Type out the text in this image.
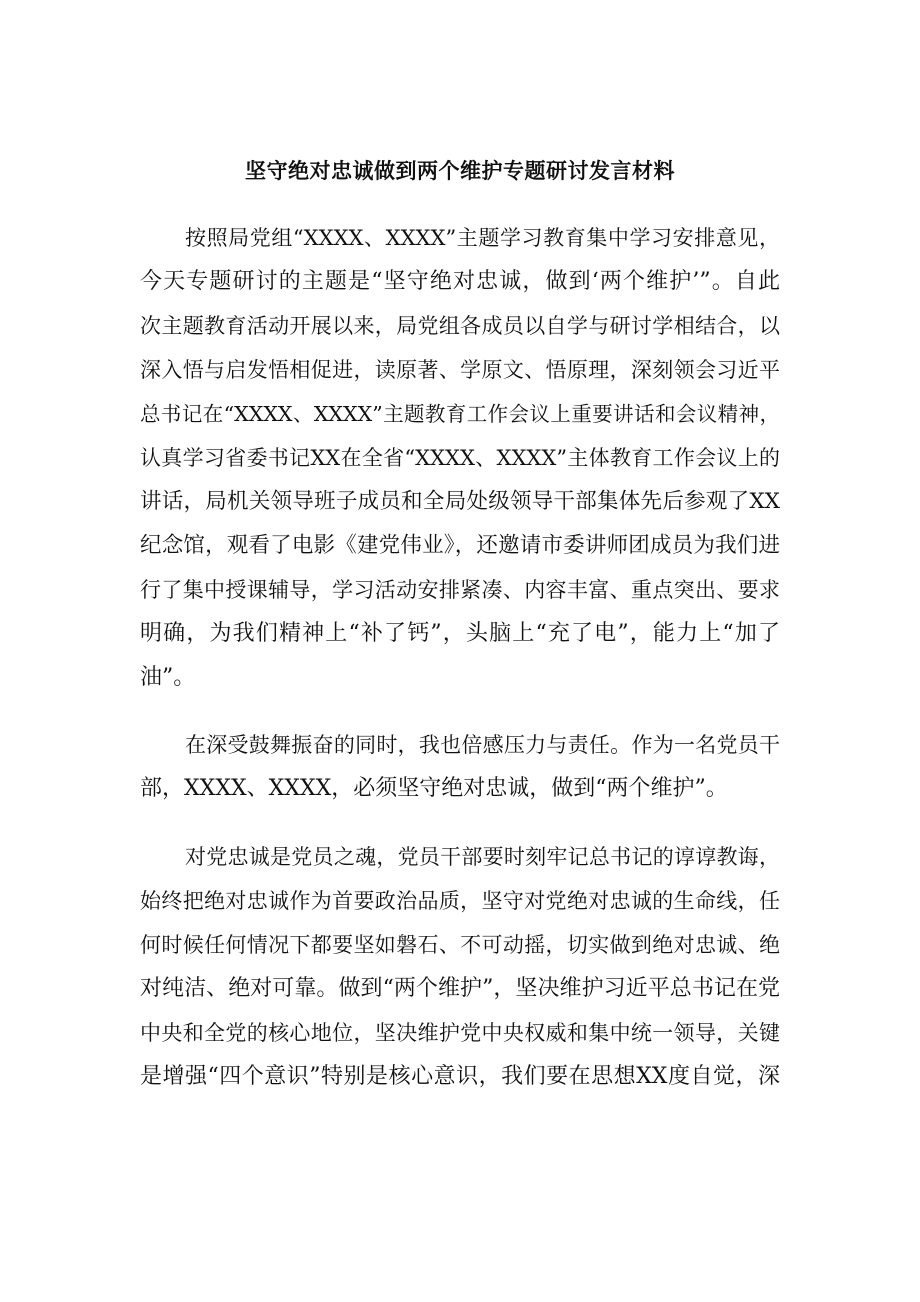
坚守绝对忠诚做到两个维护专题研讨发言材料
按照局党组“XXXX、XXXX”主题学习教育集中学习安排意见，
今天专题研讨的主题是“坚守绝对忠诚，做到‘两个维护’”。自此
次主题教育活动开展以来，局党组各成员以自学与研讨学相结合，以
深入悟与启发悟相促进，读原著、学原文、悟原理，深刻领会习近平
总书记在“XXXX、XXXX”主题教育工作会议上重要讲话和会议精神，
认真学习省委书记XX在全省“XXXX、XXXX”主体教育工作会议上的
讲话，局机关领导班子成员和全局处级领导干部集体先后参观了XX
纪念馆，观看了电影《建党伟业》，还邀请市委讲师团成员为我们进
行了集中授课辅导，学习活动安排紧凑、内容丰富、重点突出、要求
明确，为我们精神上“补了钙”，头脑上“充了电”，能力上“加了
油”。
在深受鼓舞振奋的同时，我也倍感压力与责任。作为一名党员干
部，XXXX、XXXX，必须坚守绝对忠诚，做到“两个维护”。
对党忠诚是党员之魂，党员干部要时刻牢记总书记的谆谆教诲，
始终把绝对忠诚作为首要政治品质，坚守对党绝对忠诚的生命线，任
何时候任何情况下都要坚如磐石、不可动摇，切实做到绝对忠诚、绝
对纯洁、绝对可靠。做到“两个维护”，坚决维护习近平总书记在党
中央和全党的核心地位，坚决维护党中央权威和集中统一领导，关键
是增强“四个意识”特别是核心意识，我们要在思想XX度自觉，深
